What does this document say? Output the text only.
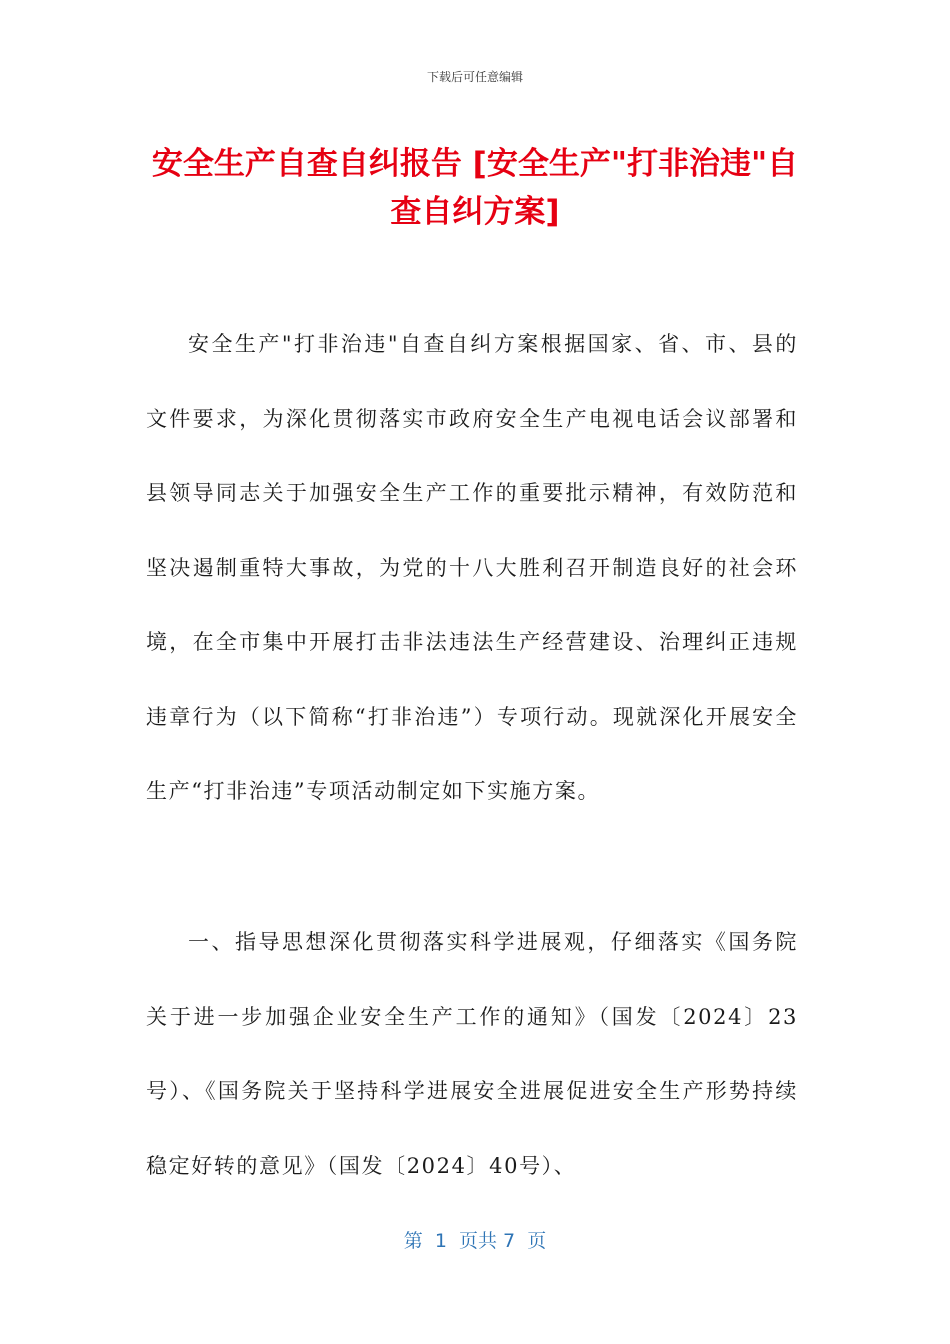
下载后可任意编辑
安全生产自查自纠报告 [安全生产"打非治违"自查自纠方案]

安全生产"打非治违"自查自纠方案根据国家、省、市、县的文件要求，为深化贯彻落实市政府安全生产电视电话会议部署和县领导同志关于加强安全生产工作的重要批示精神，有效防范和坚决遏制重特大事故，为党的十八大胜利召开制造良好的社会环境，在全市集中开展打击非法违法生产经营建设、治理纠正违规违章行为（以下简称“打非治违”）专项行动。现就深化开展安全生产“打非治违”专项活动制定如下实施方案。

一、指导思想深化贯彻落实科学进展观，仔细落实《国务院关于进一步加强企业安全生产工作的通知》（国发〔2024〕23号）、《国务院关于坚持科学进展安全进展促进安全生产形势持续稳定好转的意见》（国发〔2024〕40号）、

第  1  页共 7  页
